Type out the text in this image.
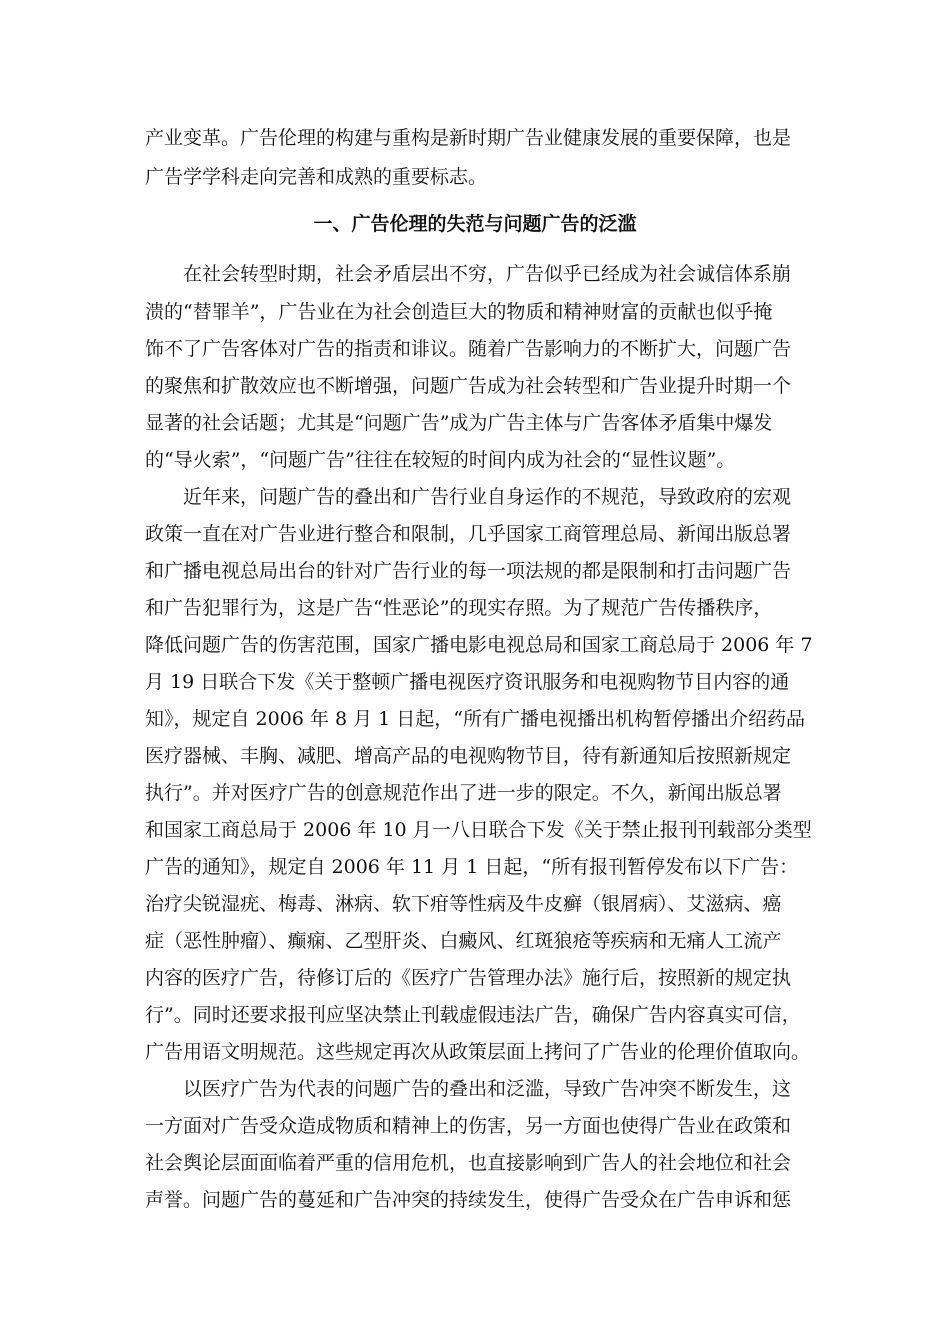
产业变革。广告伦理的构建与重构是新时期广告业健康发展的重要保障，也是
广告学学科走向完善和成熟的重要标志。
一、广告伦理的失范与问题广告的泛滥
在社会转型时期，社会矛盾层出不穷，广告似乎已经成为社会诚信体系崩
溃的“替罪羊”，广告业在为社会创造巨大的物质和精神财富的贡献也似乎掩
饰不了广告客体对广告的指责和诽议。随着广告影响力的不断扩大，问题广告
的聚焦和扩散效应也不断增强，问题广告成为社会转型和广告业提升时期一个
显著的社会话题；尤其是“问题广告”成为广告主体与广告客体矛盾集中爆发
的“导火索”，“问题广告”往往在较短的时间内成为社会的“显性议题”。
近年来，问题广告的叠出和广告行业自身运作的不规范，导致政府的宏观
政策一直在对广告业进行整合和限制，几乎国家工商管理总局、新闻出版总署
和广播电视总局出台的针对广告行业的每一项法规的都是限制和打击问题广告
和广告犯罪行为，这是广告“性恶论”的现实存照。为了规范广告传播秩序，
降低问题广告的伤害范围，国家广播电影电视总局和国家工商总局于 2006 年 7
月 19 日联合下发《关于整顿广播电视医疗资讯服务和电视购物节目内容的通
知》，规定自 2006 年 8 月 1 日起，“所有广播电视播出机构暂停播出介绍药品
医疗器械、丰胸、减肥、增高产品的电视购物节目，待有新通知后按照新规定
执行”。并对医疗广告的创意规范作出了进一步的限定。不久，新闻出版总署
和国家工商总局于 2006 年 10 月一八日联合下发《关于禁止报刊刊载部分类型
广告的通知》，规定自 2006 年 11 月 1 日起，“所有报刊暂停发布以下广告：
治疗尖锐湿疣、梅毒、淋病、软下疳等性病及牛皮癣（银屑病）、艾滋病、癌
症（恶性肿瘤）、癫痫、乙型肝炎、白癜风、红斑狼疮等疾病和无痛人工流产
内容的医疗广告，待修订后的《医疗广告管理办法》施行后，按照新的规定执
行”。同时还要求报刊应坚决禁止刊载虚假违法广告，确保广告内容真实可信，
广告用语文明规范。这些规定再次从政策层面上拷问了广告业的伦理价值取向。
以医疗广告为代表的问题广告的叠出和泛滥，导致广告冲突不断发生，这
一方面对广告受众造成物质和精神上的伤害，另一方面也使得广告业在政策和
社会舆论层面面临着严重的信用危机，也直接影响到广告人的社会地位和社会
声誉。问题广告的蔓延和广告冲突的持续发生，使得广告受众在广告申诉和惩
